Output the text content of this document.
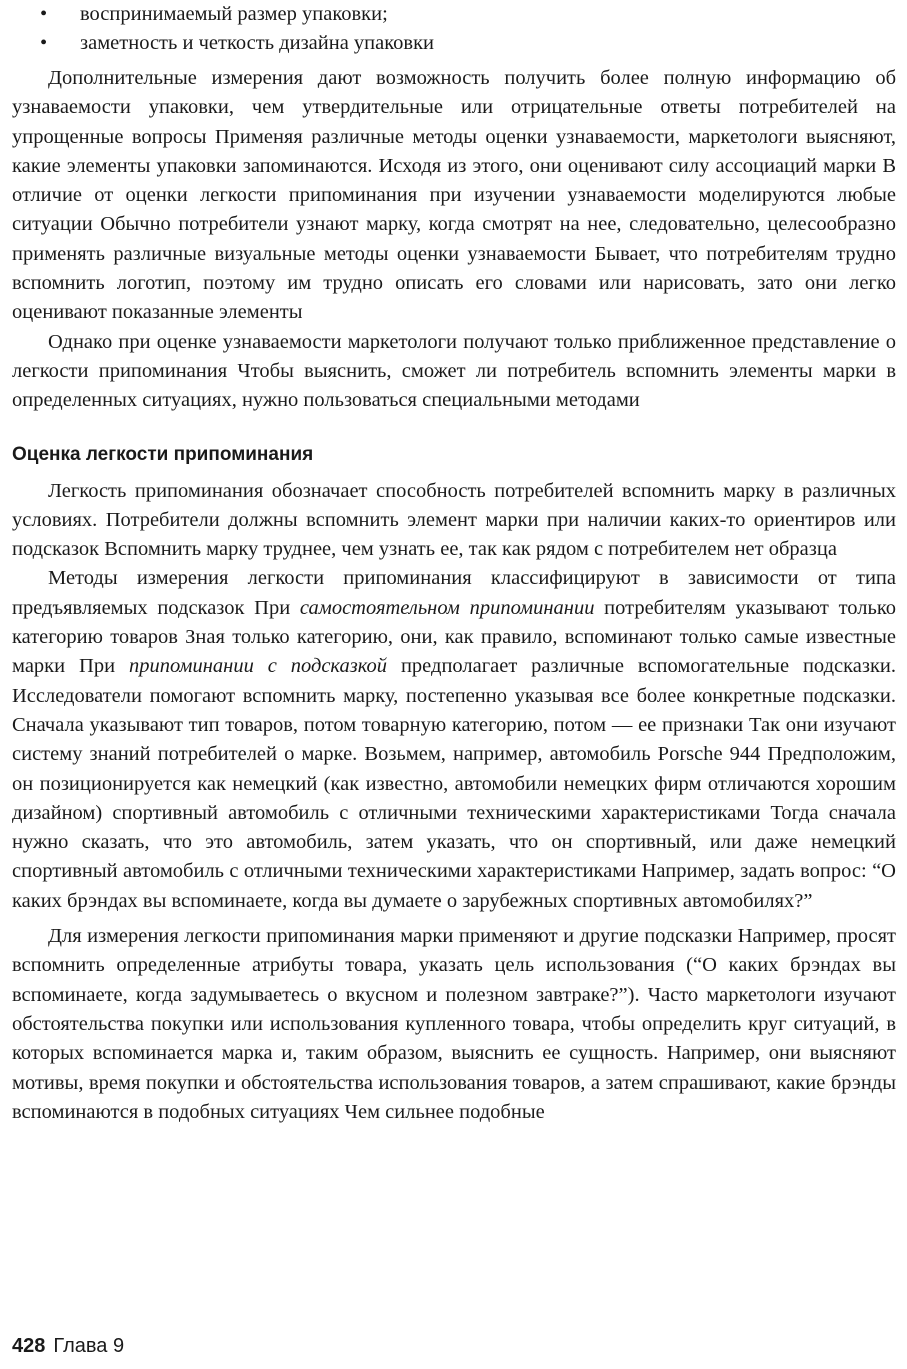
• воспринимаемый размер упаковки;
• заметность и четкость дизайна упаковки

Дополнительные измерения дают возможность получить более полную информацию об узнаваемости упаковки, чем утвердительные или отрицательные ответы потребителей на упрощенные вопросы Применяя различные методы оценки узнаваемости, маркетологи выясняют, какие элементы упаковки запоминаются. Исходя из этого, они оценивают силу ассоциаций марки В отличие от оценки легкости припоминания при изучении узнаваемости моделируются любые ситуации Обычно потребители узнают марку, когда смотрят на нее, следовательно, целесообразно применять различные визуальные методы оценки узнаваемости Бывает, что потребителям трудно вспомнить логотип, поэтому им трудно описать его словами или нарисовать, зато они легко оценивают показанные элементы

Однако при оценке узнаваемости маркетологи получают только приближенное представление о легкости припоминания Чтобы выяснить, сможет ли потребитель вспомнить элементы марки в определенных ситуациях, нужно пользоваться специальными методами

Оценка легкости припоминания

Легкость припоминания обозначает способность потребителей вспомнить марку в различных условиях. Потребители должны вспомнить элемент марки при наличии каких-то ориентиров или подсказок Вспомнить марку труднее, чем узнать ее, так как рядом с потребителем нет образца

Методы измерения легкости припоминания классифицируют в зависимости от типа предъявляемых подсказок При самостоятельном припоминании потребителям указывают только категорию товаров Зная только категорию, они, как правило, вспоминают только самые известные марки При припоминании с подсказкой предполагает различные вспомогательные подсказки. Исследователи помогают вспомнить марку, постепенно указывая все более конкретные подсказки. Сначала указывают тип товаров, потом товарную категорию, потом — ее признаки Так они изучают систему знаний потребителей о марке. Возьмем, например, автомобиль Porsche 944 Предположим, он позиционируется как немецкий (как известно, автомобили немецких фирм отличаются хорошим дизайном) спортивный автомобиль с отличными техническими характеристиками Тогда сначала нужно сказать, что это автомобиль, затем указать, что он спортивный, или даже немецкий спортивный автомобиль с отличными техническими характеристиками Например, задать вопрос: “О каких брэндах вы вспоминаете, когда вы думаете о зарубежных спортивных автомобилях?”

Для измерения легкости припоминания марки применяют и другие подсказки Например, просят вспомнить определенные атрибуты товара, указать цель использования (“О каких брэндах вы вспоминаете, когда задумываетесь о вкусном и полезном завтраке?”). Часто маркетологи изучают обстоятельства покупки или использования купленного товара, чтобы определить круг ситуаций, в которых вспоминается марка и, таким образом, выяснить ее сущность. Например, они выясняют мотивы, время покупки и обстоятельства использования товаров, а затем спрашивают, какие брэнды вспоминаются в подобных ситуациях Чем сильнее подобные

428 Глава 9
